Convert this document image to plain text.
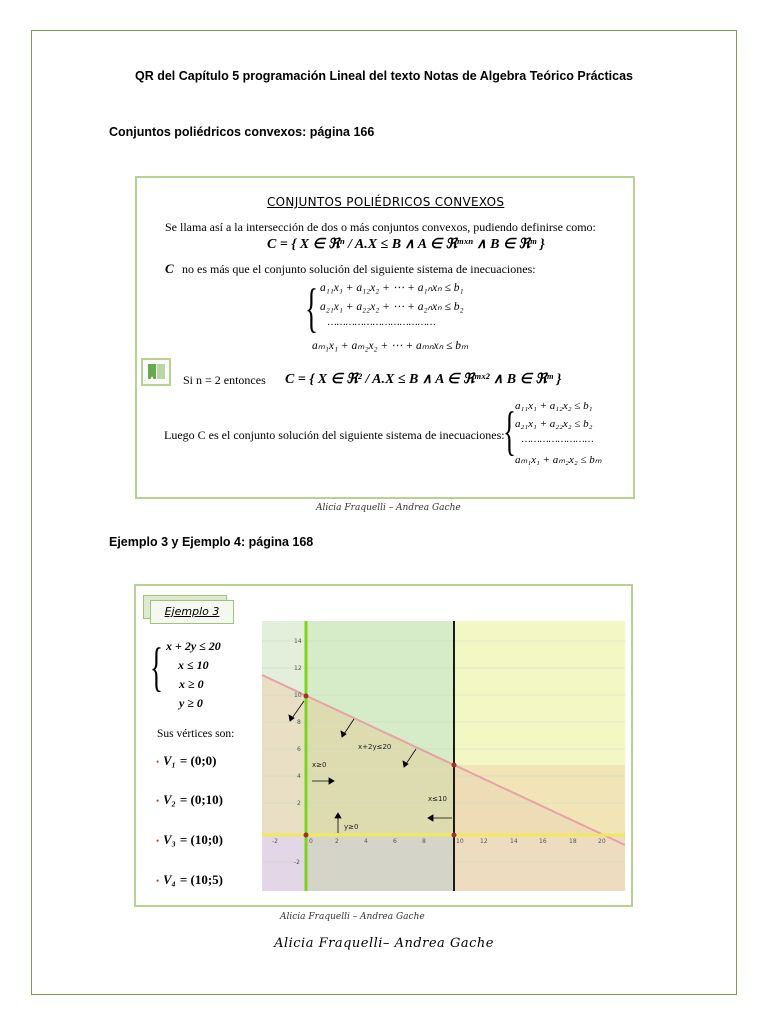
QR del Capítulo 5 programación Lineal del texto Notas de Algebra Teórico Prácticas
Conjuntos poliédricos convexos: página 166
CONJUNTOS POLIÉDRICOS CONVEXOS
Se llama así a la intersección de dos o más conjuntos convexos, pudiendo definirse como:
C = { X ∈ ℜⁿ / A.X ≤ B ∧ A ∈ ℜᵐˣⁿ ∧ B ∈ ℜᵐ }
C no es más que el conjunto solución del siguiente sistema de inecuaciones:
{ a₁₁x₁ + a₁₂x₂ + ⋯ + a₁ₙxₙ ≤ b₁
a₂₁x₁ + a₂₂x₂ + ⋯ + a₂ₙxₙ ≤ b₂
………………………………
aₘ₁x₁ + aₘ₂x₂ + ⋯ + aₘₙxₙ ≤ bₘ
Si n = 2 entonces C = { X ∈ ℜ² / A.X ≤ B ∧ A ∈ ℜᵐˣ² ∧ B ∈ ℜᵐ }
Luego C es el conjunto solución del siguiente sistema de inecuaciones:
{ a₁₁x₁ + a₁₂x₂ ≤ b₁
a₂₁x₁ + a₂₂x₂ ≤ b₂
……………………
aₘ₁x₁ + aₘ₂x₂ ≤ bₘ
Alicia Fraquelli – Andrea Gache
Ejemplo 3 y Ejemplo 4: página 168
Ejemplo 3
{ x + 2y ≤ 20
x ≤ 10
x ≥ 0
y ≥ 0
Sus vértices son:
• V₁ = (0;0)
• V₂ = (0;10)
• V₃ = (10;0)
• V₄ = (10;5)
-2	0	2	4	6	8	10	12	14	16	18	20
14
12
10
8
6
4
2
-2
x+2y≤20
x≥0
x≤10
y≥0
Alicia Fraquelli – Andrea Gache
Alicia Fraquelli– Andrea Gache
